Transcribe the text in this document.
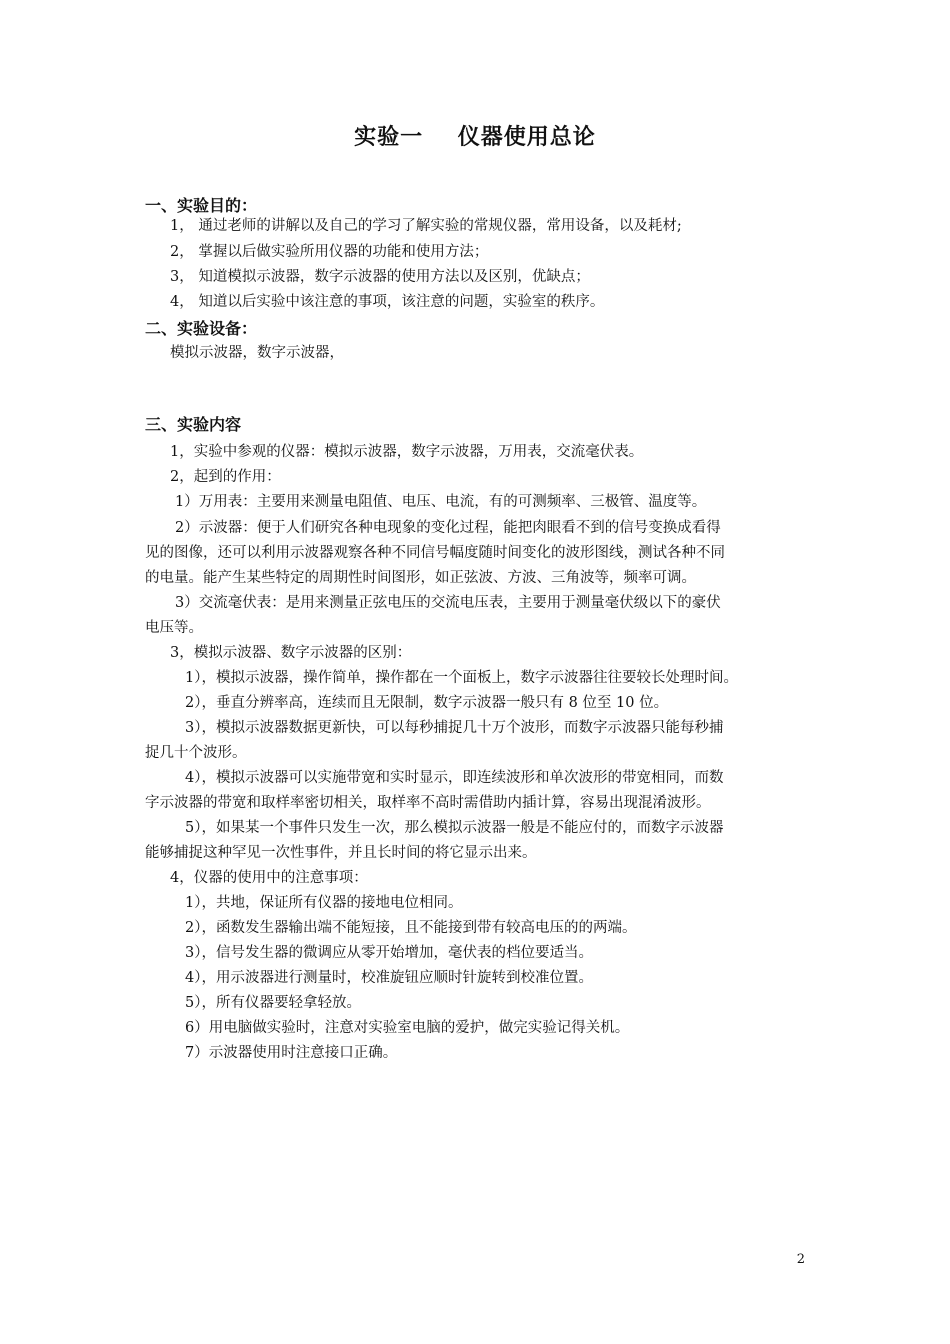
实验一    仪器使用总论
一、实验目的：
1， 通过老师的讲解以及自己的学习了解实验的常规仪器，常用设备，以及耗材;
2， 掌握以后做实验所用仪器的功能和使用方法；
3， 知道模拟示波器，数字示波器的使用方法以及区别，优缺点；
4， 知道以后实验中该注意的事项，该注意的问题，实验室的秩序。
二、实验设备：
模拟示波器，数字示波器，
三、实验内容
1，实验中参观的仪器：模拟示波器，数字示波器，万用表，交流毫伏表。
2，起到的作用：
1）万用表：主要用来测量电阻值、电压、电流，有的可测频率、三极管、温度等。
2）示波器：便于人们研究各种电现象的变化过程，能把肉眼看不到的信号变换成看得
见的图像，还可以利用示波器观察各种不同信号幅度随时间变化的波形图线，测试各种不同
的电量。能产生某些特定的周期性时间图形，如正弦波、方波、三角波等，频率可调。
3）交流毫伏表：是用来测量正弦电压的交流电压表，主要用于测量毫伏级以下的豪伏
电压等。
3，模拟示波器、数字示波器的区别：
1），模拟示波器，操作简单，操作都在一个面板上，数字示波器往往要较长处理时间。
2），垂直分辨率高，连续而且无限制，数字示波器一般只有 8 位至 10 位。
3），模拟示波器数据更新快，可以每秒捕捉几十万个波形，而数字示波器只能每秒捕
捉几十个波形。
4），模拟示波器可以实施带宽和实时显示，即连续波形和单次波形的带宽相同，而数
字示波器的带宽和取样率密切相关，取样率不高时需借助内插计算，容易出现混淆波形。
5），如果某一个事件只发生一次，那么模拟示波器一般是不能应付的，而数字示波器
能够捕捉这种罕见一次性事件，并且长时间的将它显示出来。
4，仪器的使用中的注意事项：
1），共地，保证所有仪器的接地电位相同。
2），函数发生器输出端不能短接，且不能接到带有较高电压的的两端。
3），信号发生器的微调应从零开始增加，毫伏表的档位要适当。
4），用示波器进行测量时，校准旋钮应顺时针旋转到校准位置。
5），所有仪器要轻拿轻放。
6）用电脑做实验时，注意对实验室电脑的爱护，做完实验记得关机。
7）示波器使用时注意接口正确。
2
